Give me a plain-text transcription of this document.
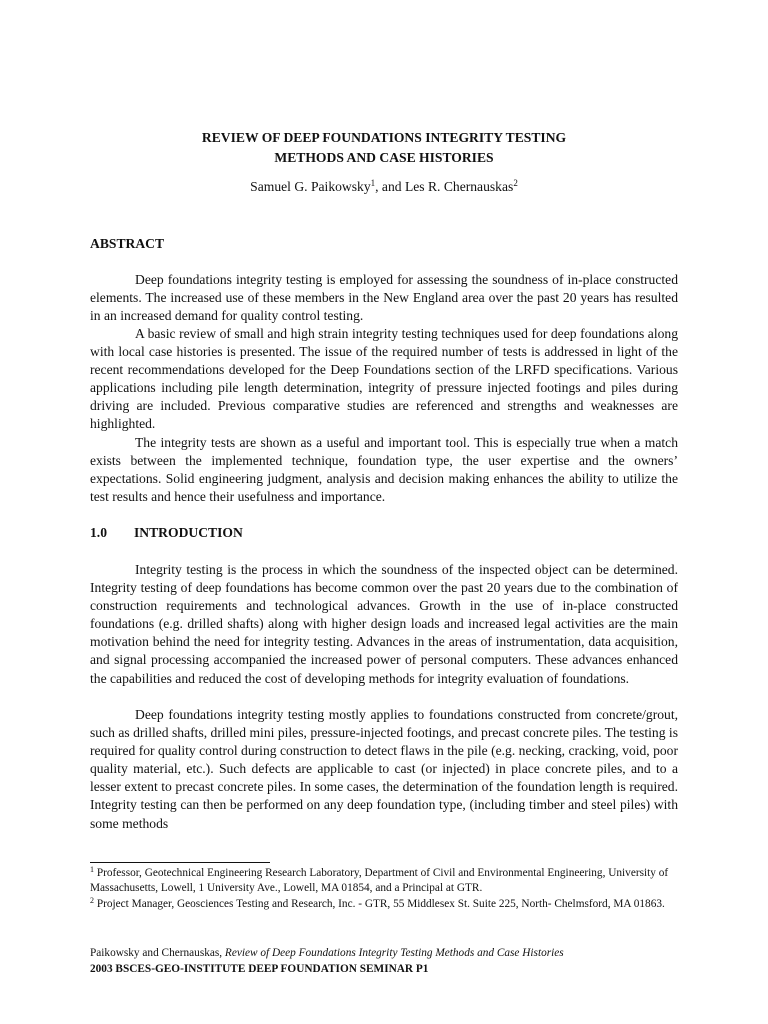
REVIEW OF DEEP FOUNDATIONS INTEGRITY TESTING
METHODS AND CASE HISTORIES
Samuel G. Paikowsky$^1$, and Les R. Chernauskas$^2$
ABSTRACT

Deep foundations integrity testing is employed for assessing the soundness of in-place constructed elements. The increased use of these members in the New England area over the past 20 years has resulted in an increased demand for quality control testing.

A basic review of small and high strain integrity testing techniques used for deep foundations along with local case histories is presented. The issue of the required number of tests is addressed in light of the recent recommendations developed for the Deep Foundations section of the LRFD specifications. Various applications including pile length determination, integrity of pressure injected footings and piles during driving are included. Previous comparative studies are referenced and strengths and weaknesses are highlighted.

The integrity tests are shown as a useful and important tool. This is especially true when a match exists between the implemented technique, foundation type, the user expertise and the owners’ expectations. Solid engineering judgment, analysis and decision making enhances the ability to utilize the test results and hence their usefulness and importance.

1.0 INTRODUCTION

Integrity testing is the process in which the soundness of the inspected object can be determined. Integrity testing of deep foundations has become common over the past 20 years due to the combination of construction requirements and technological advances. Growth in the use of in-place constructed foundations (e.g. drilled shafts) along with higher design loads and increased legal activities are the main motivation behind the need for integrity testing. Advances in the areas of instrumentation, data acquisition, and signal processing accompanied the increased power of personal computers. These advances enhanced the capabilities and reduced the cost of developing methods for integrity evaluation of foundations.

Deep foundations integrity testing mostly applies to foundations constructed from concrete/grout, such as drilled shafts, drilled mini piles, pressure-injected footings, and precast concrete piles. The testing is required for quality control during construction to detect flaws in the pile (e.g. necking, cracking, void, poor quality material, etc.). Such defects are applicable to cast (or injected) in place concrete piles, and to a lesser extent to precast concrete piles. In some cases, the determination of the foundation length is required. Integrity testing can then be performed on any deep foundation type, (including timber and steel piles) with some methods

$^1$ Professor, Geotechnical Engineering Research Laboratory, Department of Civil and Environmental Engineering, University of Massachusetts, Lowell, 1 University Ave., Lowell, MA 01854, and a Principal at GTR.

$^2$ Project Manager, Geosciences Testing and Research, Inc. - GTR, 55 Middlesex St. Suite 225, North- Chelmsford, MA 01863.

Paikowsky and Chernauskas, Review of Deep Foundations Integrity Testing Methods and Case Histories
2003 BSCES-GEO-INSTITUTE DEEP FOUNDATION SEMINAR P1
